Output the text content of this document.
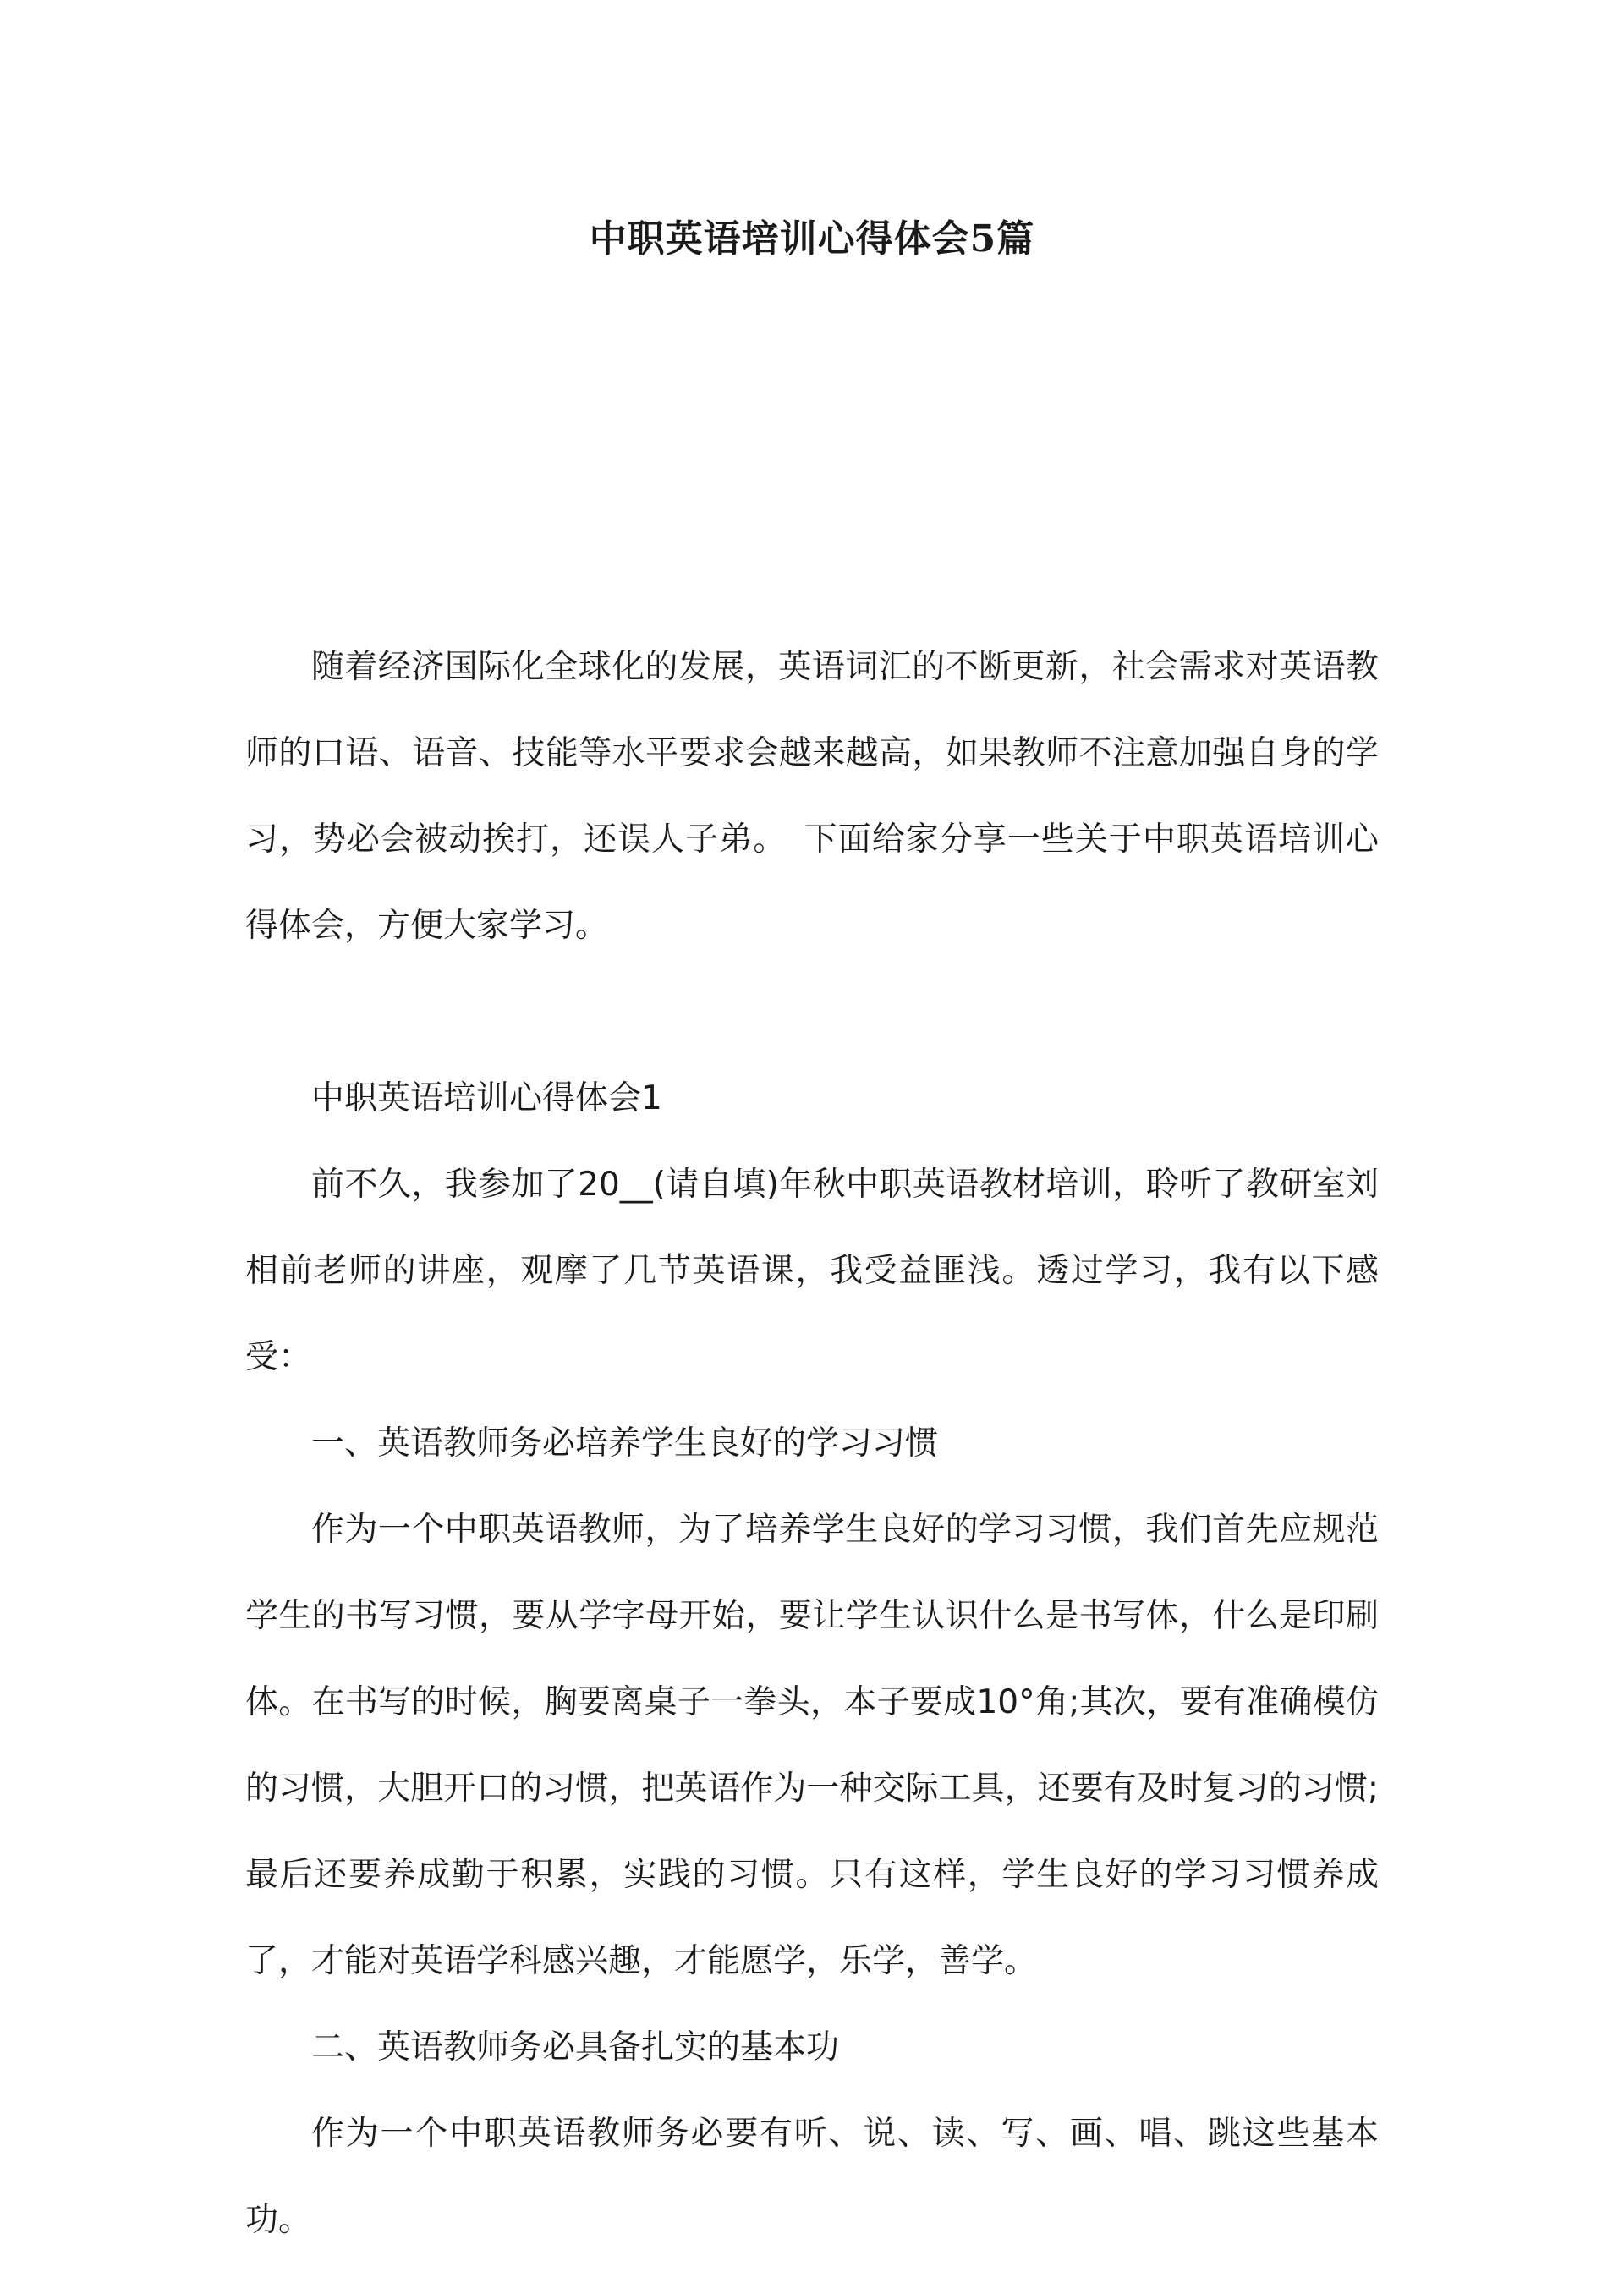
中职英语培训心得体会5篇

随着经济国际化全球化的发展，英语词汇的不断更新，社会需求对英语教师的口语、语音、技能等水平要求会越来越高，如果教师不注意加强自身的学习，势必会被动挨打，还误人子弟。　下面给家分享一些关于中职英语培训心得体会，方便大家学习。

中职英语培训心得体会1

前不久，我参加了20__(请自填)年秋中职英语教材培训，聆听了教研室刘相前老师的讲座，观摩了几节英语课，我受益匪浅。透过学习，我有以下感受：

一、英语教师务必培养学生良好的学习习惯

作为一个中职英语教师，为了培养学生良好的学习习惯，我们首先应规范学生的书写习惯，要从学字母开始，要让学生认识什么是书写体，什么是印刷体。在书写的时候，胸要离桌子一拳头，本子要成10°角;其次，要有准确模仿的习惯，大胆开口的习惯，把英语作为一种交际工具，还要有及时复习的习惯;最后还要养成勤于积累，实践的习惯。只有这样，学生良好的学习习惯养成了，才能对英语学科感兴趣，才能愿学，乐学，善学。

二、英语教师务必具备扎实的基本功

作为一个中职英语教师务必要有听、说、读、写、画、唱、跳这些基本功。
